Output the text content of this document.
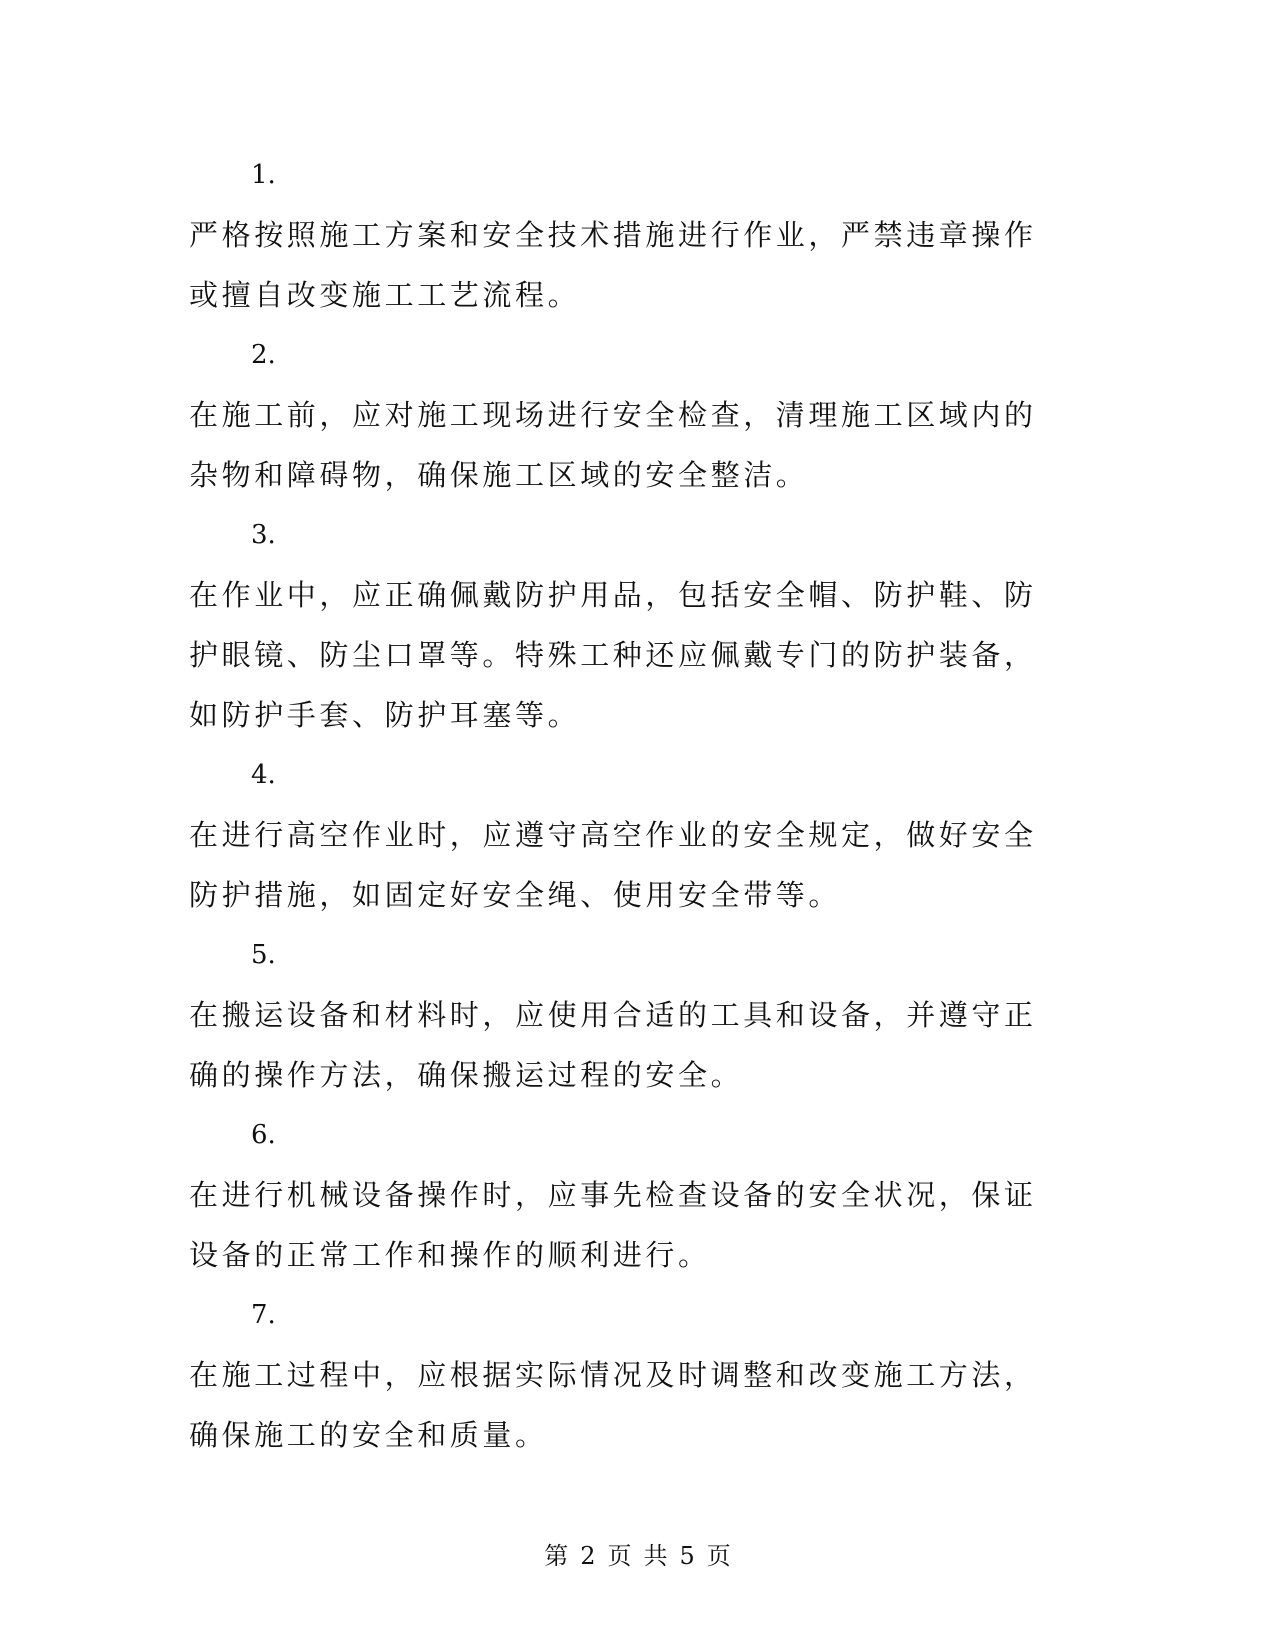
1.

严格按照施工方案和安全技术措施进行作业，严禁违章操作或擅自改变施工工艺流程。

2.

在施工前，应对施工现场进行安全检查，清理施工区域内的杂物和障碍物，确保施工区域的安全整洁。

3.

在作业中，应正确佩戴防护用品，包括安全帽、防护鞋、防护眼镜、防尘口罩等。特殊工种还应佩戴专门的防护装备，如防护手套、防护耳塞等。

4.

在进行高空作业时，应遵守高空作业的安全规定，做好安全防护措施，如固定好安全绳、使用安全带等。

5.

在搬运设备和材料时，应使用合适的工具和设备，并遵守正确的操作方法，确保搬运过程的安全。

6.

在进行机械设备操作时，应事先检查设备的安全状况，保证设备的正常工作和操作的顺利进行。

7.

在施工过程中，应根据实际情况及时调整和改变施工方法，确保施工的安全和质量。

第 2 页 共 5 页
